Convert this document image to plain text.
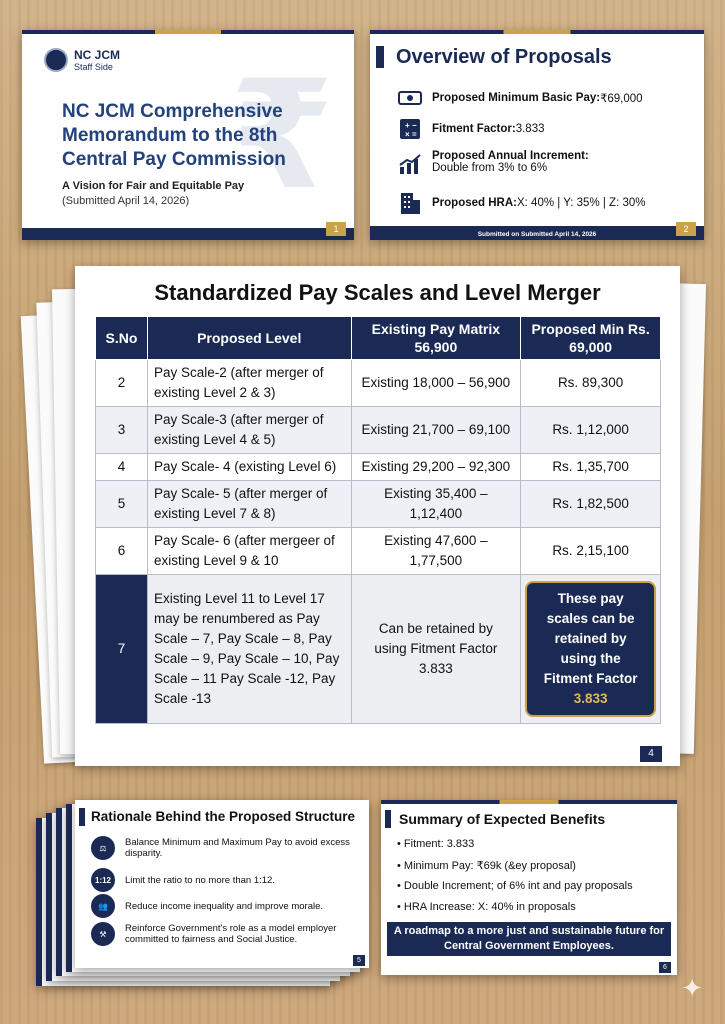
₹
NC JCM
Staff Side
NC JCM Comprehensive Memorandum to the 8th Central Pay Commission
A Vision for Fair and Equitable Pay
(Submitted April 14, 2026)
1
Overview of Proposals
Proposed Minimum Basic Pay: ₹69,000
+ −
× = Fitment Factor: 3.833
Proposed Annual Increment:
Double from 3% to 6%
Proposed HRA: X: 40% | Y: 35% | Z: 30%
Submitted on Submitted April 14, 2026
2
Standardized Pay Scales and Level Merger
S.No	Proposed Level	Existing Pay Matrix 56,900	Proposed Min Rs. 69,000
2	Pay Scale-2 (after merger of existing Level 2 & 3)	Existing 18,000 – 56,900	Rs. 89,300
3	Pay Scale-3 (after merger of existing Level 4 & 5)	Existing 21,700 – 69,100	Rs. 1,12,000
4	Pay Scale- 4 (existing Level 6)	Existing 29,200 – 92,300	Rs. 1,35,700
5	Pay Scale- 5 (after merger of existing Level 7 & 8)	Existing 35,400 – 1,12,400	Rs. 1,82,500
6	Pay Scale- 6 (after mergeer of existing Level 9 & 10	Existing 47,600 – 1,77,500	Rs. 2,15,100
7	Existing Level 11 to Level 17 may be renumbered as Pay Scale – 7, Pay Scale – 8, Pay Scale – 9, Pay Scale – 10, Pay Scale – 11 Pay Scale -12, Pay Scale -13	Can be retained by using Fitment Factor 3.833	These pay scales can be retained by using the Fitment Factor 3.833
4
Rationale Behind the Proposed Structure
⚖	Balance Minimum and Maximum Pay to avoid excess disparity.
1:12	Limit the ratio to no more than 1:12.
👥	Reduce income inequality and improve morale.
⚒	Reinforce Government's role as a model employer committed to fairness and Social Justice.
5
Summary of Expected Benefits
• Fitment: 3.833
• Minimum Pay: ₹69k (&ey proposal)
• Double Increment; of 6% int and pay proposals
• HRA Increase: X: 40% in proposals
A roadmap to a more just and sustainable future for Central Government Employees.
6
✦
